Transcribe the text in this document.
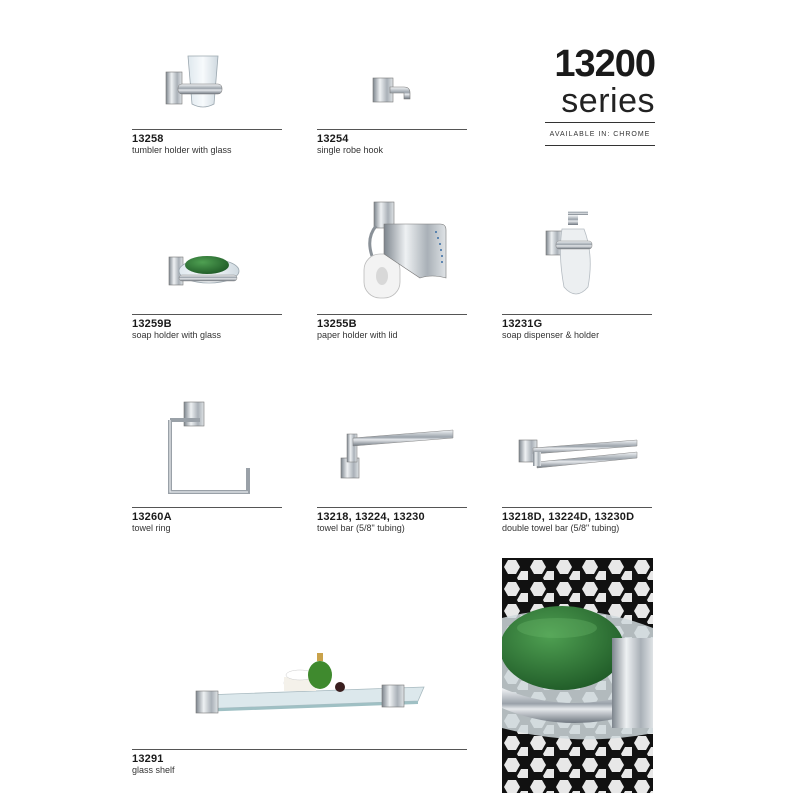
13258
tumbler holder with glass
13254
single robe hook
13200
series
AVAILABLE IN: CHROME
13259B
soap holder with glass
13255B
paper holder with lid
13231G
soap dispenser & holder
13260A
towel ring
13218, 13224, 13230
towel bar (5/8" tubing)
13218D, 13224D, 13230D
double towel bar (5/8" tubing)
13291
glass shelf
